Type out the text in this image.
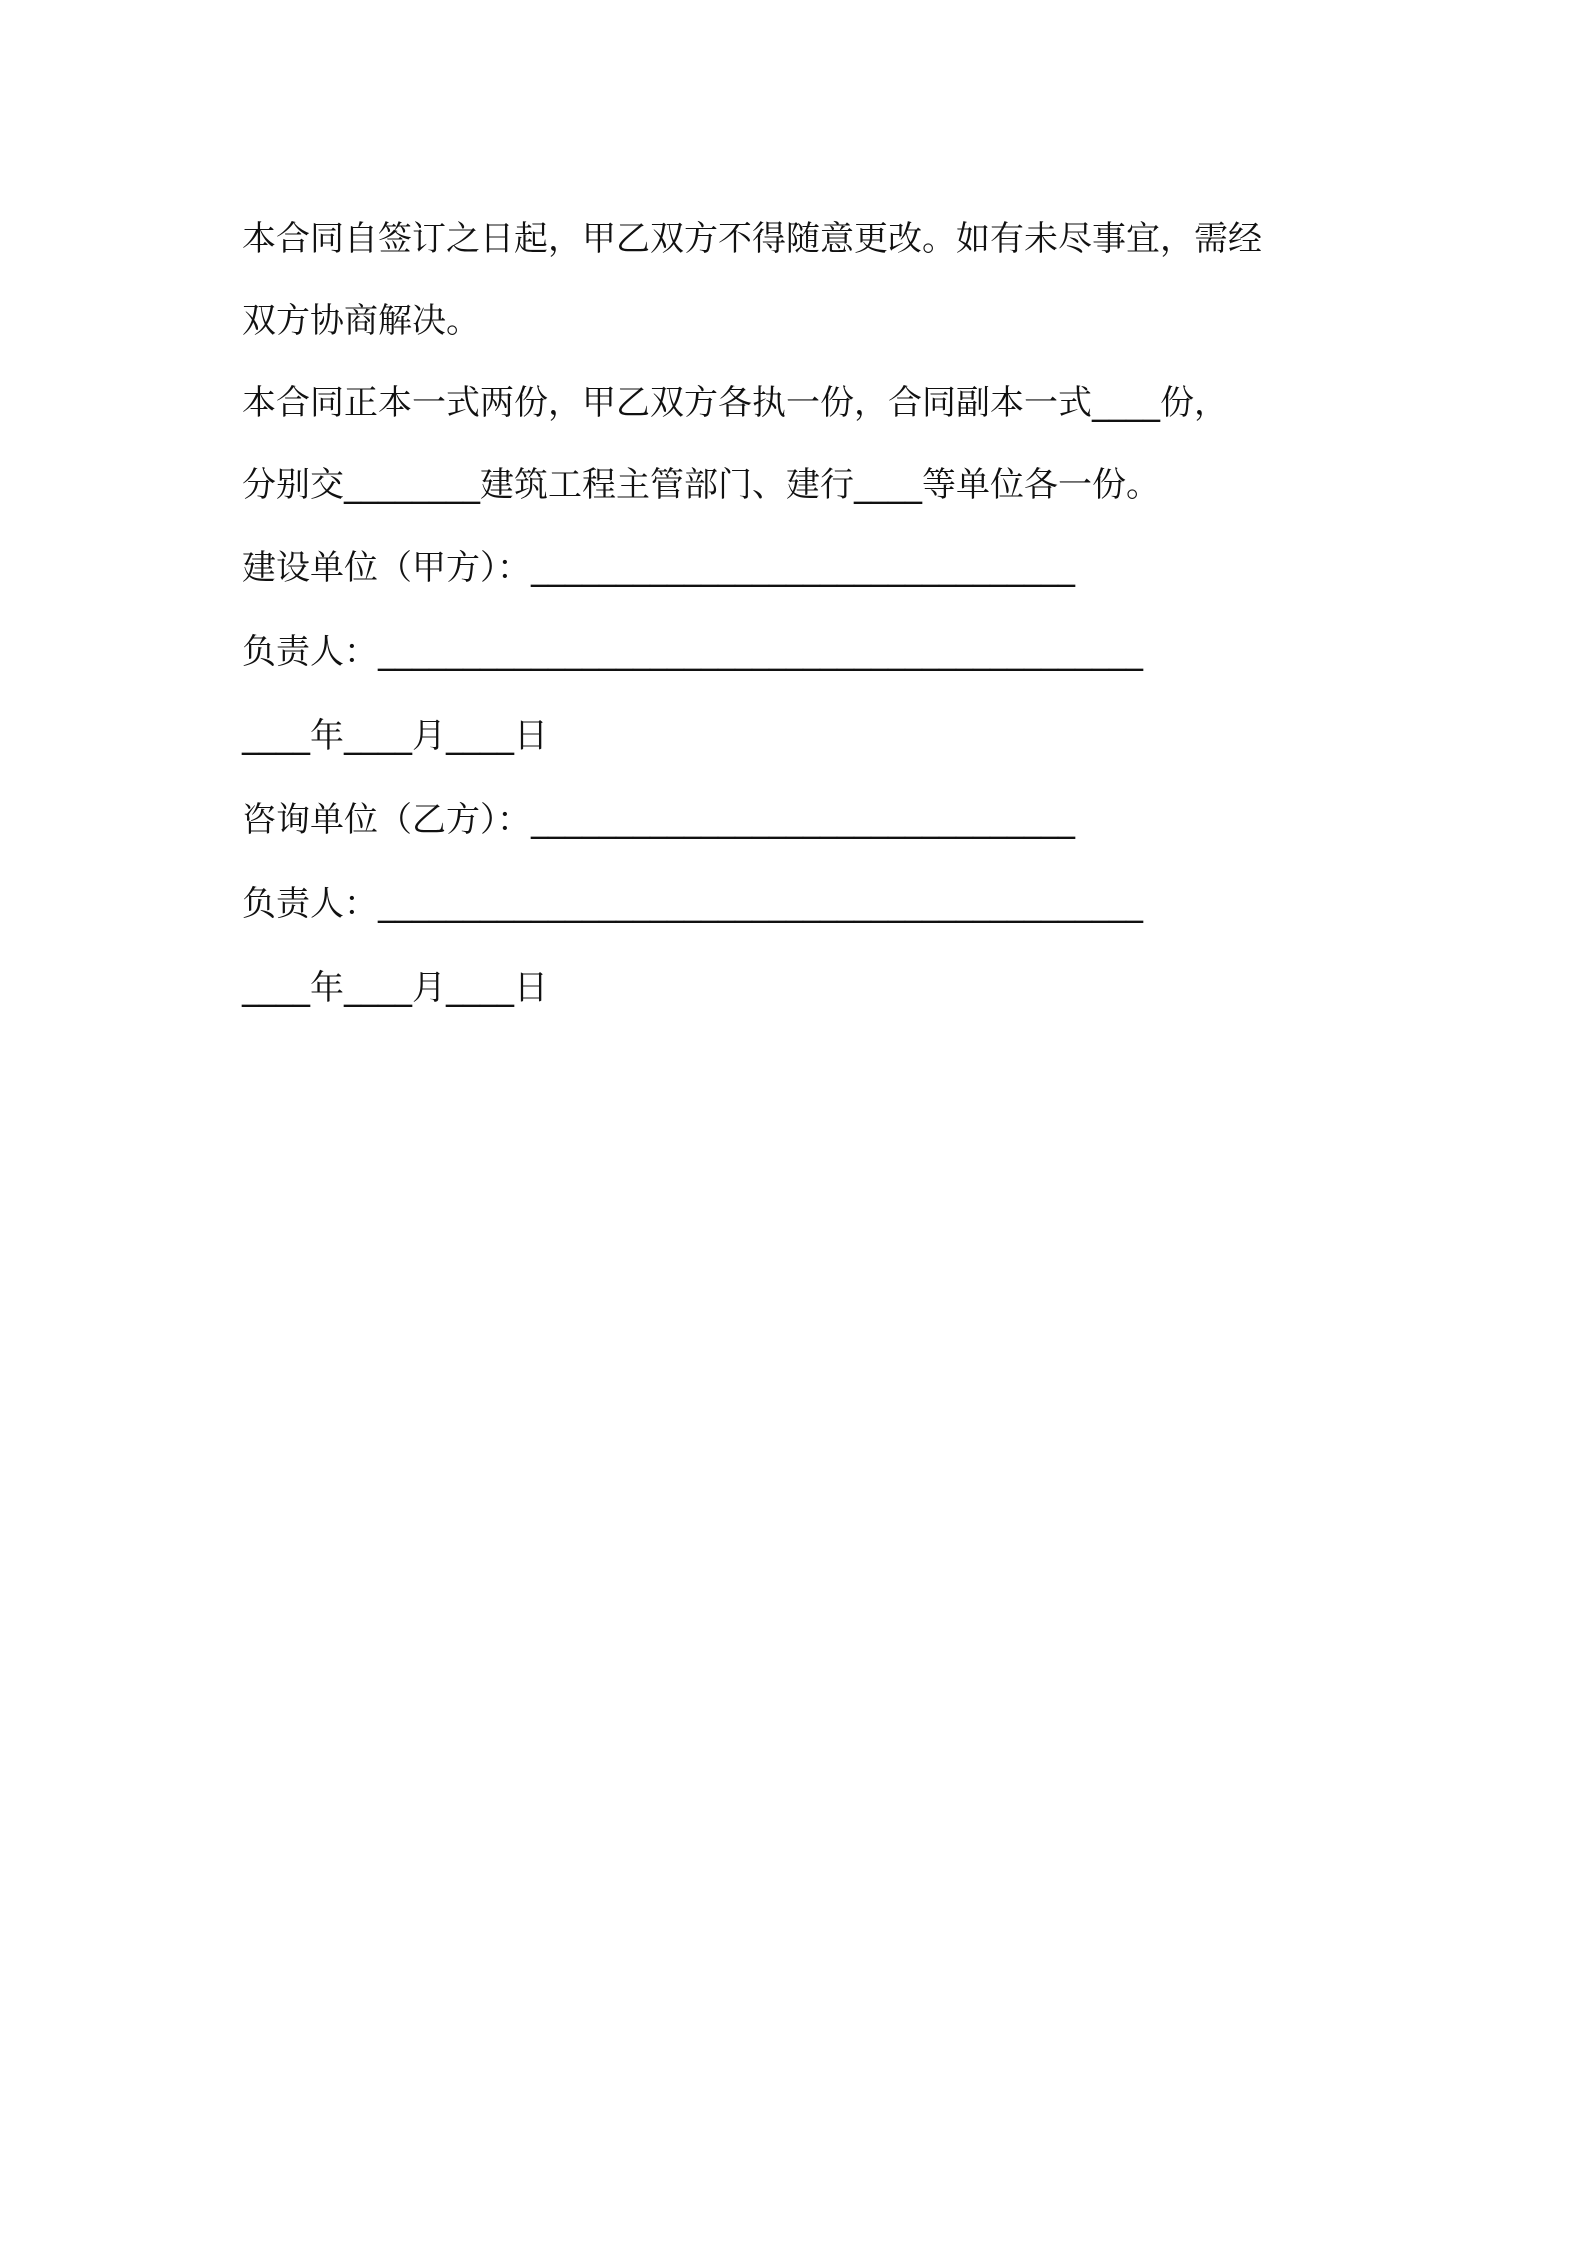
本合同自签订之日起，甲乙双方不得随意更改。如有未尽事宜，需经

双方协商解决。

本合同正本一式两份，甲乙双方各执一份，合同副本一式____份，

分别交________建筑工程主管部门、建行____等单位各一份。

建设单位（甲方）：________________________________

负责人：_____________________________________________

____年____月____日

咨询单位（乙方）：________________________________

负责人：_____________________________________________

____年____月____日
